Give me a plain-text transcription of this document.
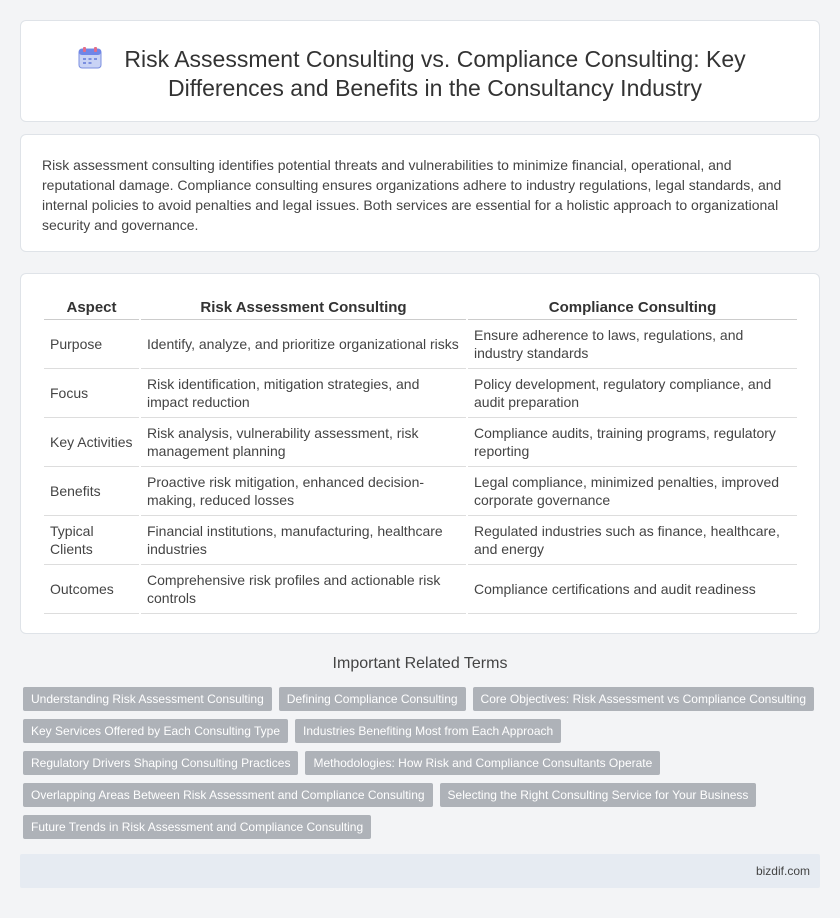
Risk Assessment Consulting vs. Compliance Consulting: Key Differences and Benefits in the Consultancy Industry

Risk assessment consulting identifies potential threats and vulnerabilities to minimize financial, operational, and reputational damage. Compliance consulting ensures organizations adhere to industry regulations, legal standards, and internal policies to avoid penalties and legal issues. Both services are essential for a holistic approach to organizational security and governance.

Aspect	Risk Assessment Consulting	Compliance Consulting
Purpose	Identify, analyze, and prioritize organizational risks	Ensure adherence to laws, regulations, and industry standards
Focus	Risk identification, mitigation strategies, and impact reduction	Policy development, regulatory compliance, and audit preparation
Key Activities	Risk analysis, vulnerability assessment, risk management planning	Compliance audits, training programs, regulatory reporting
Benefits	Proactive risk mitigation, enhanced decision-making, reduced losses	Legal compliance, minimized penalties, improved corporate governance
Typical Clients	Financial institutions, manufacturing, healthcare industries	Regulated industries such as finance, healthcare, and energy
Outcomes	Comprehensive risk profiles and actionable risk controls	Compliance certifications and audit readiness
Important Related Terms
Understanding Risk Assessment Consulting	Defining Compliance Consulting	Core Objectives: Risk Assessment vs Compliance Consulting
Key Services Offered by Each Consulting Type	Industries Benefiting Most from Each Approach
Regulatory Drivers Shaping Consulting Practices	Methodologies: How Risk and Compliance Consultants Operate
Overlapping Areas Between Risk Assessment and Compliance Consulting	Selecting the Right Consulting Service for Your Business
Future Trends in Risk Assessment and Compliance Consulting
bizdif.com
